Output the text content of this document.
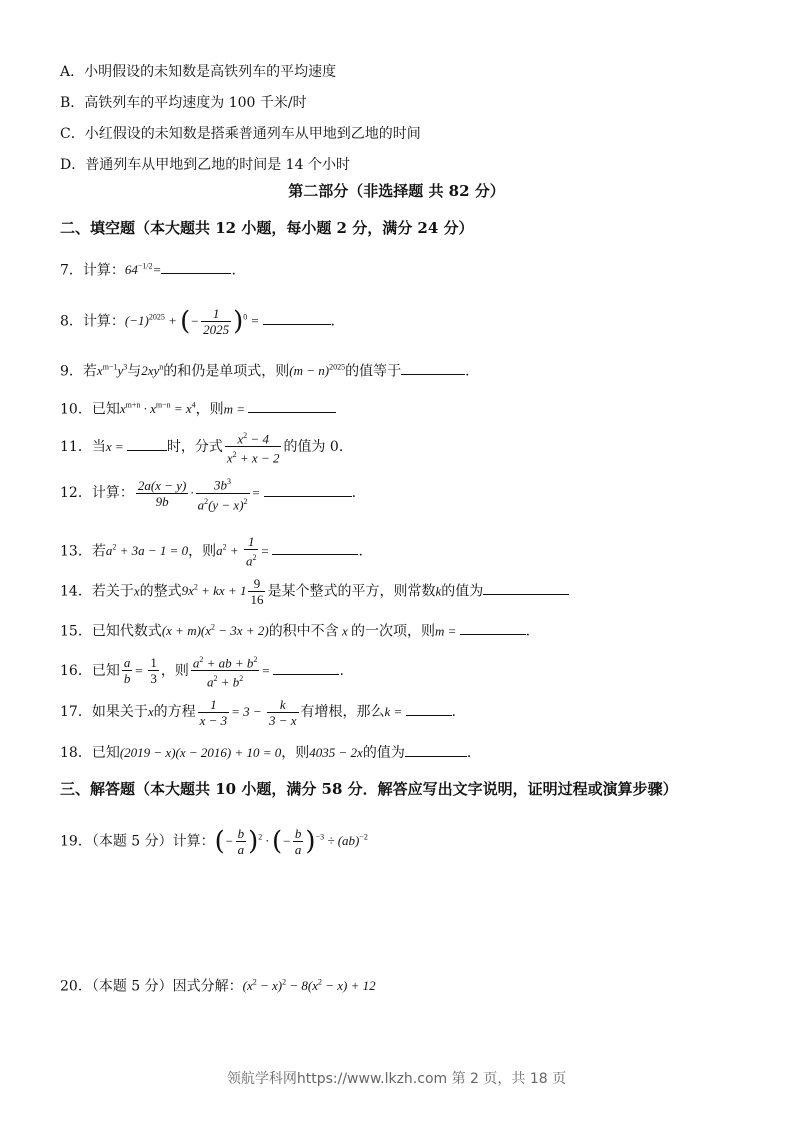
A．小明假设的未知数是高铁列车的平均速度
B．高铁列车的平均速度为 100 千米/时
C．小红假设的未知数是搭乘普通列车从甲地到乙地的时间
D．普通列车从甲地到乙地的时间是 14 个小时
第二部分（非选择题 共 82 分）
二、填空题（本大题共 12 小题，每小题 2 分，满分 24 分）
7．计算：$64^{-1/2}=$	.
8．计算：$(-1)^{2025}$ + (− $\frac{1}{2025} )^0$ =	.
9．若$x^{m-1}y^3$与$2xy^n$的和仍是单项式，则$(m - n)^{2025}$的值等于	.
10．已知$x^{m+n} \cdot x^{m-n} = x^4$，则m =
11．当x =	时，分式 $\frac{x^2 - 4}{x^2 + x - 2}$ 的值为 0.
12．计算： $\frac{2a(x - y)}{9b} \cdot \frac{3b^3}{a^2(y - x)^2}$ =	.
13．若$a^2 + 3a - 1 = 0$，则$a^2 + \frac{1}{a^2}$ =	.
14．若关于x的整式$9x^2$ + kx + $1 \frac{9}{16}$ 是某个整式的平方，则常数k的值为
15．已知代数式$(x + m)(x^2 - 3x + 2)$的积中不含 x 的一次项，则m =	.
16．已知 $\frac{a}{b} = \frac{1}{3}$ ，则 $\frac{a^2 + ab + b^2}{a^2 + b^2}$ =	.
17．如果关于x的方程 $\frac{1}{x - 3} = 3 - \frac{k}{3 - x}$ 有增根，那么k =	.
18．已知(2019 − x)(x − 2016) + 10 = 0，则4035 − 2x的值为	.
三、解答题（本大题共 10 小题，满分 58 分．解答应写出文字说明，证明过程或演算步骤）
19．（本题 5 分）计算：(− $\frac{b}{a} )^2$ · (− $\frac{b}{a} )^{-3} \div (ab)^{-2}$
20．（本题 5 分）因式分解：$(x^2 - x)^2 - 8(x^2 - x) + 12$
领航学科网https://www.lkzh.com 第 2 页，共 18 页
